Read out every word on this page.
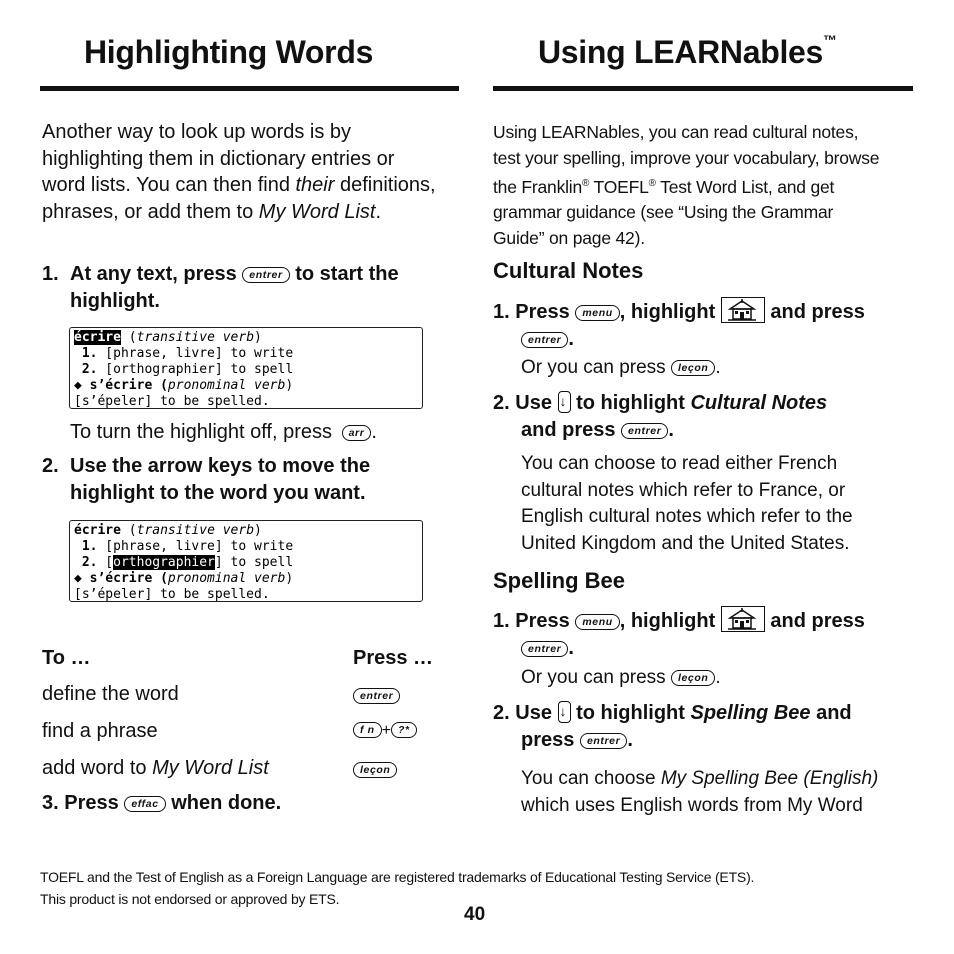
Highlighting Words
Another way to look up words is by highlighting them in dictionary entries or word lists. You can then find their definitions, phrases, or add them to My Word List.
1. At any text, press entrer to start the highlight.
écrire (transitive verb)
1. [phrase, livre] to write
2. [orthographier] to spell
◆ s’écrire (pronominal verb)
[s’épeler] to be spelled.
To turn the highlight off, press arr .
2. Use the arrow keys to move the highlight to the word you want.
écrire (transitive verb)
1. [phrase, livre] to write
2. [orthographier] to spell
◆ s’écrire (pronominal verb)
[s’épeler] to be spelled.
To …	Press …
define the word	entrer
find a phrase	f n + ?*
add word to My Word List	leçon
3. Press effac when done.
Using LEARNables™
Using LEARNables, you can read cultural notes,
test your spelling, improve your vocabulary, browse
the Franklin® TOEFL® Test Word List, and get
grammar guidance (see “Using the Grammar
Guide” on page 42).
Cultural Notes
1. Press menu , highlight	and press
entrer .
Or you can press leçon .
2. Use ↓ to highlight Cultural Notes
and press entrer .
You can choose to read either French
cultural notes which refer to France, or
English cultural notes which refer to the
United Kingdom and the United States.
Spelling Bee
1. Press menu , highlight	and press
entrer .
Or you can press leçon .
2. Use ↓ to highlight Spelling Bee and
press entrer .
You can choose My Spelling Bee (English)
which uses English words from My Word
TOEFL and the Test of English as a Foreign Language are registered trademarks of Educational Testing Service (ETS).
This product is not endorsed or approved by ETS.
40
